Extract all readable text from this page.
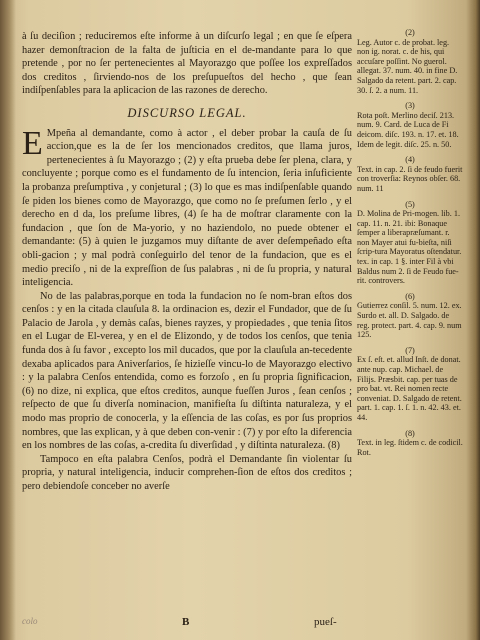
à ſu deciſion ; reduciremos eſte informe à un diſcurſo legal ; en que ſe eſpera hazer demonſtracion de la falta de juſticia en el de-mandante para lo que pretende , por no ſer pertenecientes al Mayorazgo que poſſee los expreſſados dos creditos , ſirviendo-nos de los preſupueſtos del hecho , que ſean indiſpenſables para la aplicacion de las razones de derecho.

DISCURSO LEGAL.

E Mpeña al demandante, como à actor , el deber probar la cauſa de ſu accion,que es la de ſer los mencionados creditos, que llama juros, pertenecientes à ſu Mayorazgo ; (2) y eſta prueba debe ſer plena, clara, y concluyente ; porque como es el fundamento de ſu intencion, ſeria inſuficiente la probanza preſumptiva , y conjetural ; (3) lo que es mas indiſpenſable quando ſe piden los bienes como de Mayorazgo, que como no ſe preſumen ſerlo , y el derecho en d da, los preſume libres, (4) ſe ha de moſtrar claramente con la fundacion , que ſon de Ma-yorio, y no haziendolo, no puede obtener el demandante: (5) à quien le juzgamos muy diſtante de aver deſempeñado eſta obli-gacion ; y mal podrà conſeguirlo del tenor de la fundacion, que es el medio preciſo , ni de la expreſſion de ſus palabras , ni de ſu propria, y natural inteligencia.

No de las palabras,porque en toda la fundacion no ſe nom-bran eſtos dos cenſos : y en la citada clauſula 8. la ordinacion es, dezir el Fundador, que de ſu Palacio de Jarola , y demàs caſas, bienes rayzes, y propiedades , que tenia ſitos en el Lugar de El-verea, y en el de Elizondo, y de todos los cenſos, que tenia funda dos à ſu favor , excepto los mil ducados, que por la clauſula an-tecedente dexaba aplicados para Aniverſarios, ſe hizieſſe vincu-lo de Mayorazgo electivo : y la palabra Cenſos entendida, como es forzoſo , en ſu propria ſignificacion, (6) no dize, ni explica, que eſtos creditos, aunque fueſſen Juros , ſean cenſos ; reſpecto de que ſu diverſa nominacion, manifieſta ſu diſtinta naturaleza, y el modo mas proprio de conocerla, y la eſſencia de las coſas, es por ſus proprios nombres, que las explican, y à que deben con-venir : (7) y por eſto la diferencia en los nombres de las coſas, a-credita ſu diverſidad , y diſtinta naturaleza. (8)

Tampoco en eſta palabra Cenſos, podrà el Demandante ſin violentar ſu propria, y natural inteligencia, inducir comprehen-ſion de eſtos dos creditos ; pero debiendoſe conceber no averſe

(2)
Leg. Autor c. de probat. leg. non ig. norat. c. de his, qui accuſare poſſint. No guerol. allegat. 37. num. 40. in fine D. Salgado da retent. part. 2. cap. 30. ſ. 2. a num. 11.
(3)
Rota poſt. Merlino deciſ. 213. num. 9. Card. de Luca de Fi deicom. diſc. 193. n. 17. et. 18. Idem de legit. diſc. 25. n. 50.
(4)
Text. in cap. 2. ſi de feudo fuerit con troverſia: Reynos obſer. 68. num. 11
(5)
D. Molina de Pri-mogen. lib. 1. cap. 11. n. 21. ibi: Bonaque ſemper a liberapræſumant. r. non Mayer atui fu-bieſta, niſi ſcrip-tura Mayoratus oſtendatur. tex. in cap. 1 §. inter Fil à vbi Baldus num 2. ſi de Feudo fue-rit. controvers.
(6)
Gutierrez conſil. 5. num. 12. ex. Surdo et. all. D. Salgado. de reg. protect. part. 4. cap. 9. num 125.
(7)
Ex ſ. eſt. et. allud Inſt. de donat. ante nup. cap. Michael. de Filijs. Præsbit. cap. per tuas de pro bat. vt. Rei nomen recte conveniat. D. Salgado de retent. part. 1. cap. 1. ſ. 1. n. 42. 43. et. 44.
(8)
Text. in leg. ſtidem c. de codicil. Rot.
colo	B	pueſ-
